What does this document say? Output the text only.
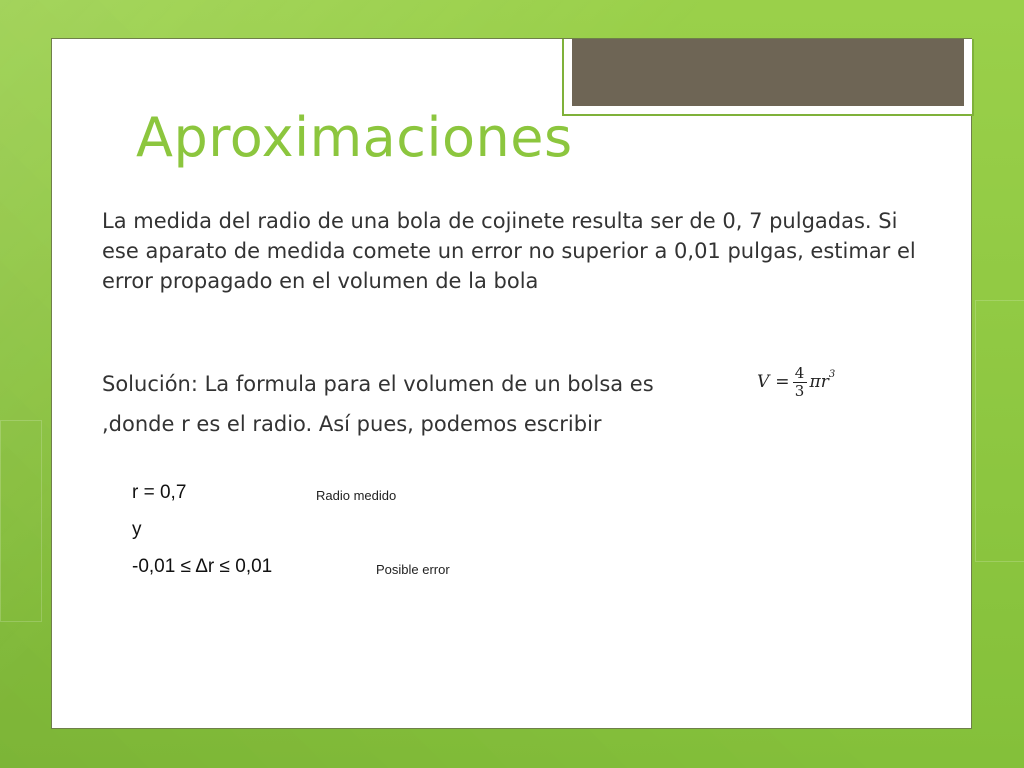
Aproximaciones

La medida del radio de una bola de cojinete resulta ser de 0, 7 pulgadas. Si ese aparato de medida comete un error no superior a 0,01 pulgas, estimar el error propagado en el volumen de la bola

Solución: La formula para el volumen de un bolsa es	$V = \frac{4}{3}$ πr 3

,donde r es el radio. Así pues, podemos escribir

r = 0,7	Radio medido

y

-0,01 ≤ Δr ≤ 0,01	Posible error
